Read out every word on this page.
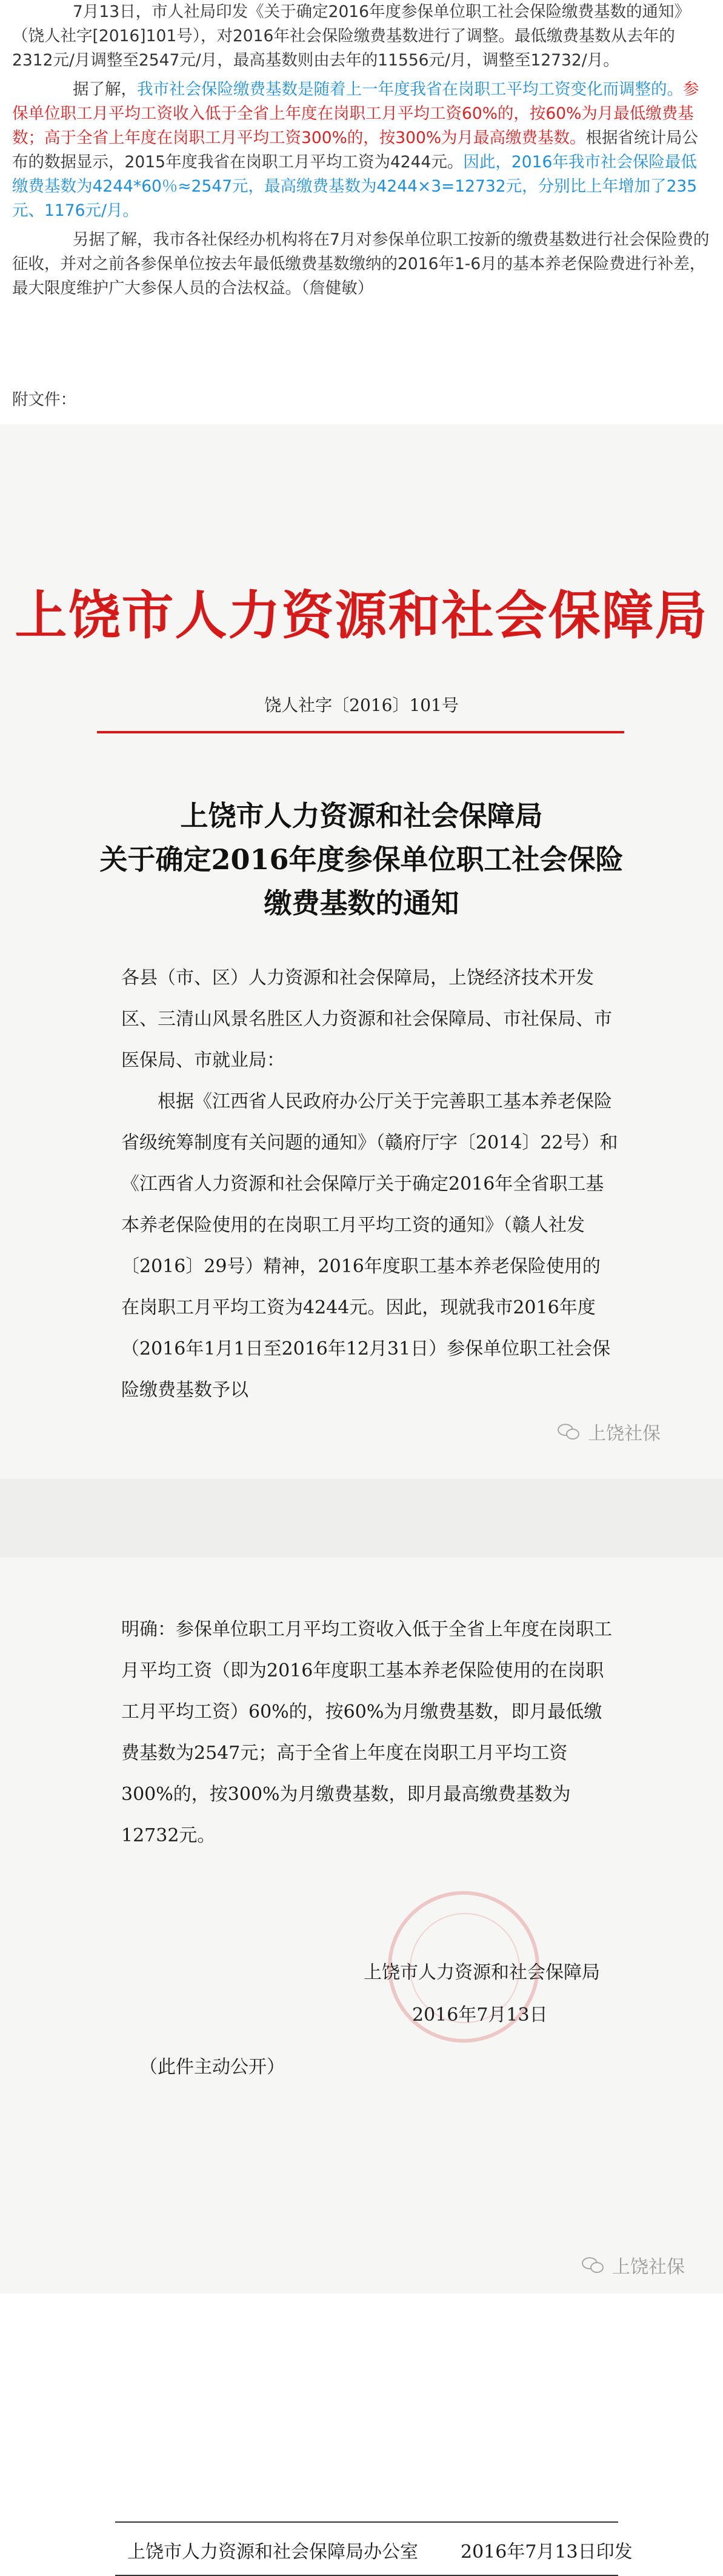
7月13日，市人社局印发《关于确定2016年度参保单位职工社会保险缴费基数的通知》（饶人社字[2016]101号），对2016年社会保险缴费基数进行了调整。最低缴费基数从去年的2312元/月调整至2547元/月，最高基数则由去年的11556元/月，调整至12732/月。

据了解，我市社会保险缴费基数是随着上一年度我省在岗职工平均工资变化而调整的。参保单位职工月平均工资收入低于全省上年度在岗职工月平均工资60%的，按60%为月最低缴费基数；高于全省上年度在岗职工月平均工资300%的，按300%为月最高缴费基数。根据省统计局公布的数据显示，2015年度我省在岗职工月平均工资为4244元。因此，2016年我市社会保险最低缴费基数为4244*60％≈2547元，最高缴费基数为4244×3=12732元，分别比上年增加了235元、1176元/月。

另据了解，我市各社保经办机构将在7月对参保单位职工按新的缴费基数进行社会保险费的征收，并对之前各参保单位按去年最低缴费基数缴纳的2016年1-6月的基本养老保险费进行补差，最大限度维护广大参保人员的合法权益。（詹健敏）

附文件：
上饶市人力资源和社会保障局
饶人社字〔2016〕101号
上饶市人力资源和社会保障局
关于确定2016年度参保单位职工社会保险
缴费基数的通知

各县（市、区）人力资源和社会保障局，上饶经济技术开发区、三清山风景名胜区人力资源和社会保障局、市社保局、市医保局、市就业局：

根据《江西省人民政府办公厅关于完善职工基本养老保险省级统筹制度有关问题的通知》（赣府厅字〔2014〕22号）和《江西省人力资源和社会保障厅关于确定2016年全省职工基本养老保险使用的在岗职工月平均工资的通知》（赣人社发〔2016〕29号）精神，2016年度职工基本养老保险使用的在岗职工月平均工资为4244元。因此，现就我市2016年度（2016年1月1日至2016年12月31日）参保单位职工社会保险缴费基数予以

上饶社保

明确：参保单位职工月平均工资收入低于全省上年度在岗职工月平均工资（即为2016年度职工基本养老保险使用的在岗职工月平均工资）60%的，按60%为月缴费基数，即月最低缴费基数为2547元；高于全省上年度在岗职工月平均工资300%的，按300%为月缴费基数，即月最高缴费基数为12732元。

上饶市人力资源和社会保障局
2016年7月13日
（此件主动公开）
上饶市人力资源和社会保障局办公室 2016年7月13日印发
上饶社保
